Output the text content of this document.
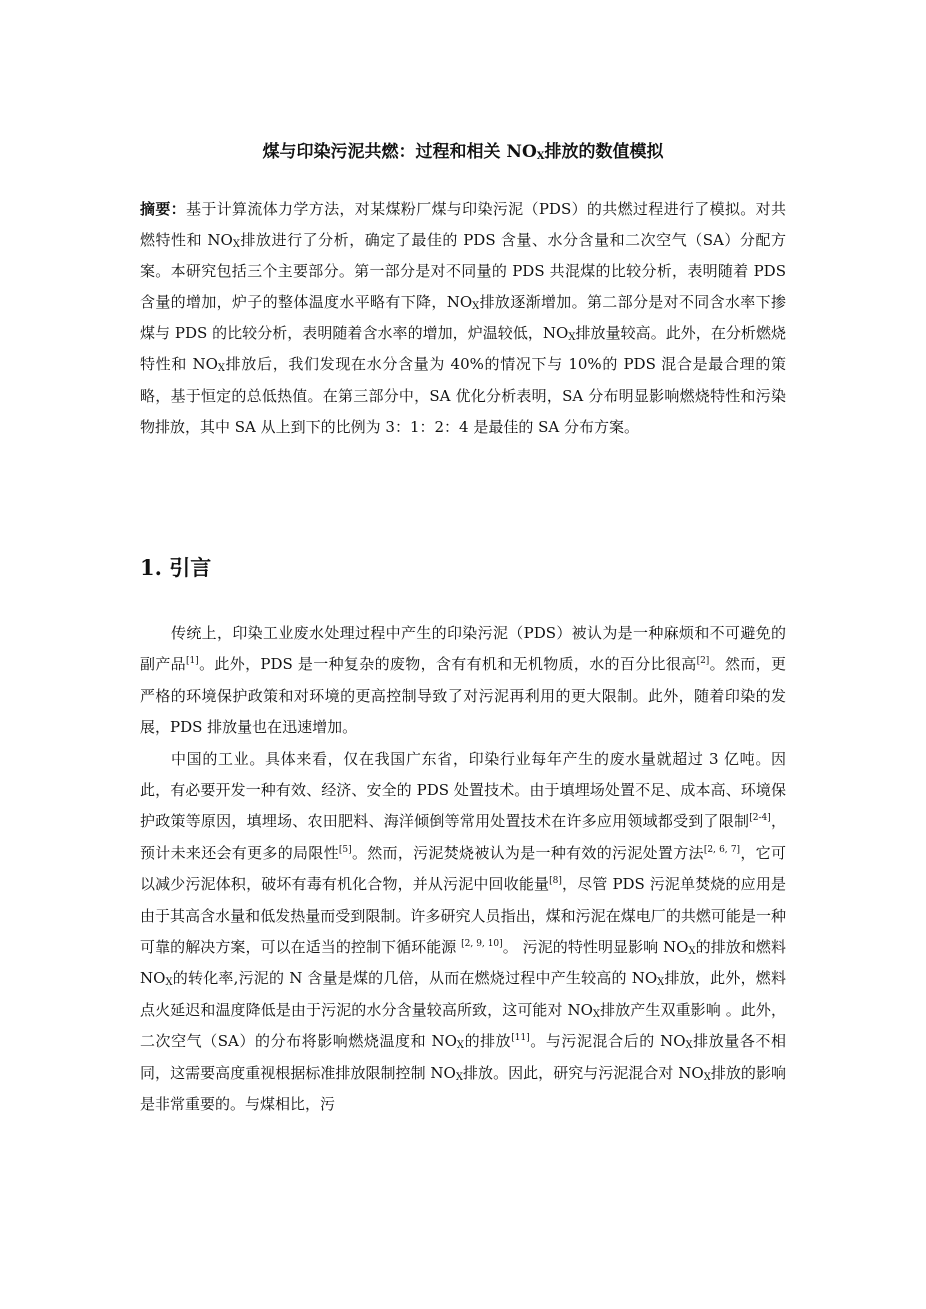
煤与印染污泥共燃：过程和相关 $NO_X$排放的数值模拟

摘要：基于计算流体力学方法，对某煤粉厂煤与印染污泥（PDS）的共燃过程进行了模拟。对共燃特性和 $NO_X$排放进行了分析，确定了最佳的 PDS 含量、水分含量和二次空气（SA）分配方案。本研究包括三个主要部分。第一部分是对不同量的 PDS 共混煤的比较分析，表明随着 PDS 含量的增加，炉子的整体温度水平略有下降，$NO_X$排放逐渐增加。第二部分是对不同含水率下掺煤与 PDS 的比较分析，表明随着含水率的增加，炉温较低，$NO_X$排放量较高。此外，在分析燃烧特性和 $NO_X$排放后，我们发现在水分含量为 40%的情况下与 10%的 PDS 混合是最合理的策略，基于恒定的总低热值。在第三部分中，SA 优化分析表明，SA 分布明显影响燃烧特性和污染物排放，其中 SA 从上到下的比例为 3：1：2：4 是最佳的 SA 分布方案。

1. 引言

传统上，印染工业废水处理过程中产生的印染污泥（PDS）被认为是一种麻烦和不可避免的副产品[1]。此外，PDS 是一种复杂的废物，含有有机和无机物质，水的百分比很高[2]。然而，更严格的环境保护政策和对环境的更高控制导致了对污泥再利用的更大限制。此外，随着印染的发展，PDS 排放量也在迅速增加。

中国的工业。具体来看，仅在我国广东省，印染行业每年产生的废水量就超过 3 亿吨。因此，有必要开发一种有效、经济、安全的 PDS 处置技术。由于填埋场处置不足、成本高、环境保护政策等原因，填埋场、农田肥料、海洋倾倒等常用处置技术在许多应用领域都受到了限制[2-4]，预计未来还会有更多的局限性[5]。然而，污泥焚烧被认为是一种有效的污泥处置方法[2, 6, 7]，它可以减少污泥体积，破坏有毒有机化合物，并从污泥中回收能量[8]，尽管 PDS 污泥单焚烧的应用是由于其高含水量和低发热量而受到限制。许多研究人员指出，煤和污泥在煤电厂的共燃可能是一种可靠的解决方案，可以在适当的控制下循环能源 [2, 9, 10]。 污泥的特性明显影响 $NO_X$的排放和燃料 $NO_X$的转化率,污泥的 N 含量是煤的几倍，从而在燃烧过程中产生较高的 $NO_X$排放，此外，燃料点火延迟和温度降低是由于污泥的水分含量较高所致，这可能对 $NO_X$排放产生双重影响 。此外，二次空气（SA）的分布将影响燃烧温度和 $NO_X$的排放[11]。与污泥混合后的 $NO_X$排放量各不相同，这需要高度重视根据标准排放限制控制 $NO_X$排放。因此，研究与污泥混合对 $NO_X$排放的影响是非常重要的。与煤相比，污
